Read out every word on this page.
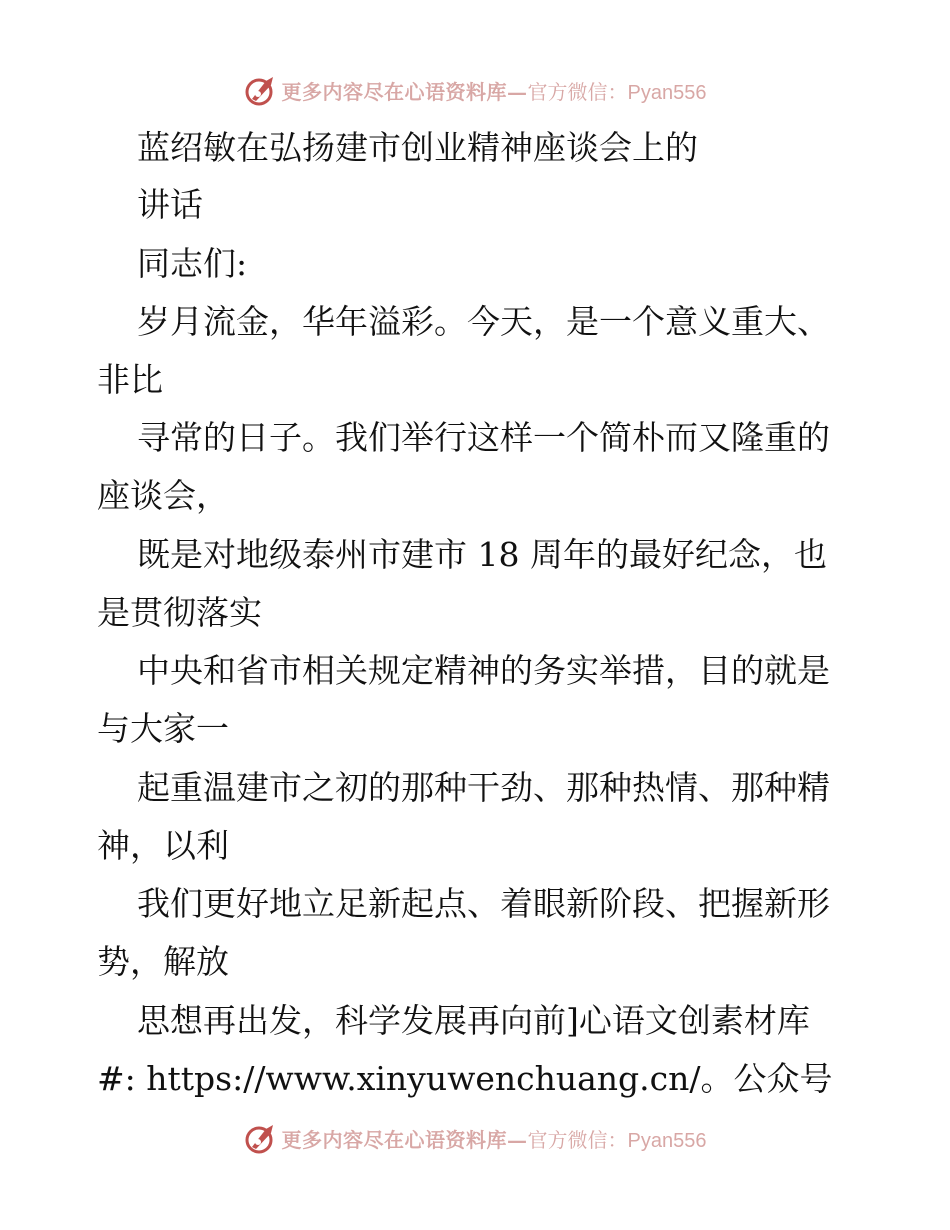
更多内容尽在心语资料库— 官方微信：Pyan556
蓝绍敏在弘扬建市创业精神座谈会上的
讲话
同志们:
岁月流金，华年溢彩。今天，是一个意义重大、
非比
寻常的日子。我们举行这样一个简朴而又隆重的
座谈会，
既是对地级泰州市建市 18 周年的最好纪念，也
是贯彻落实
中央和省市相关规定精神的务实举措，目的就是
与大家一
起重温建市之初的那种干劲、那种热情、那种精
神，以利
我们更好地立足新起点、着眼新阶段、把握新形
势，解放
思想再出发，科学发展再向前]心语文创素材库
#: https://www.xinyuwenchuang.cn/。公众号
更多内容尽在心语资料库— 官方微信：Pyan556
